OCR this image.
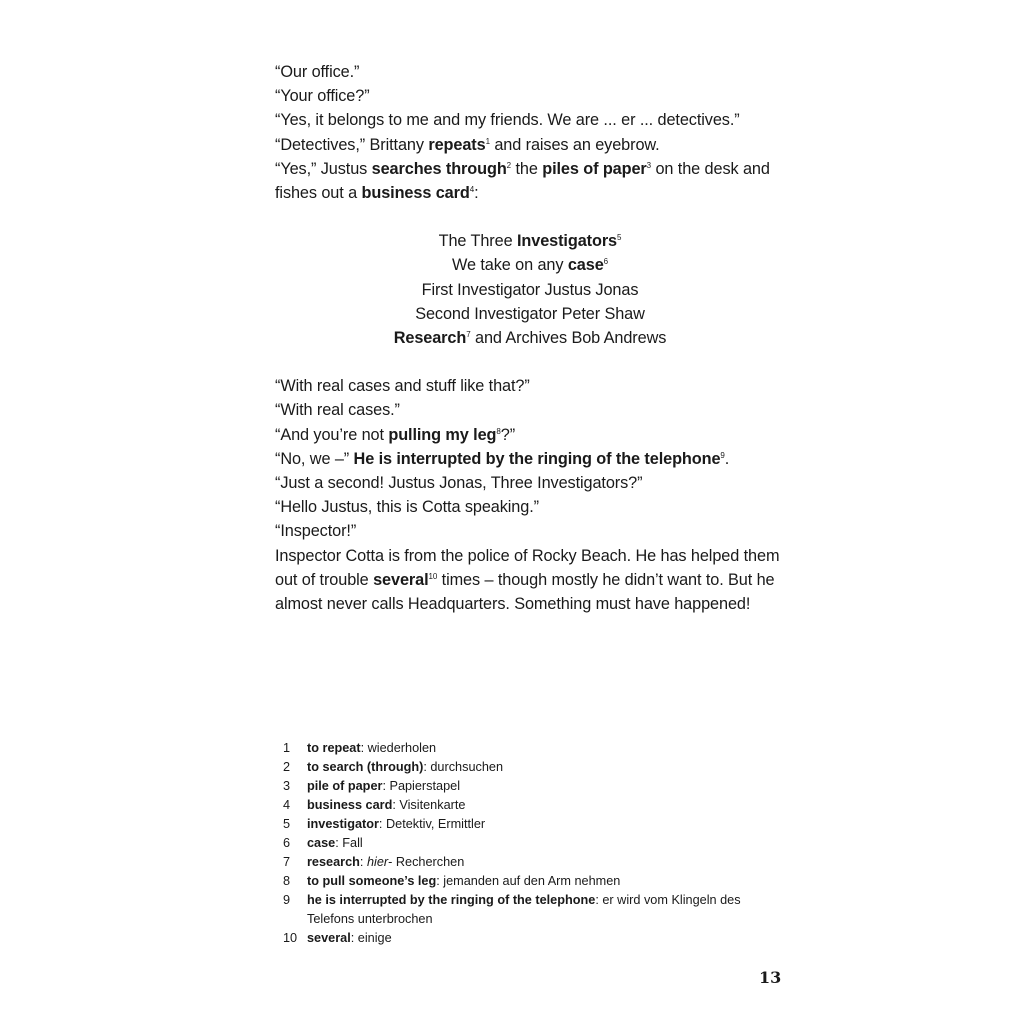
“Our office.”
“Your office?”
“Yes, it belongs to me and my friends. We are ... er ... detectives.”
“Detectives,” Brittany repeats$^1$ and raises an eyebrow.
“Yes,” Justus searches through$^2$ the piles of paper$^3$ on the desk and fishes out a business card$^4$:
The Three Investigators$^5$
We take on any case$^6$
First Investigator Justus Jonas
Second Investigator Peter Shaw
Research$^7$ and Archives Bob Andrews
“With real cases and stuff like that?”
“With real cases.”
“And you’re not pulling my leg$^8$?”
“No, we –” He is interrupted by the ringing of the telephone$^9$.
“Just a second! Justus Jonas, Three Investigators?”
“Hello Justus, this is Cotta speaking.”
“Inspector!”
Inspector Cotta is from the police of Rocky Beach. He has helped them out of trouble several$^{10}$ times – though mostly he didn’t want to. But he almost never calls Headquarters. Something must have happened!
1	to repeat: wiederholen
2	to search (through): durchsuchen
3	pile of paper: Papierstapel
4	business card: Visitenkarte
5	investigator: Detektiv, Ermittler
6	case: Fall
7	research: hier- Recherchen
8	to pull someone’s leg: jemanden auf den Arm nehmen
9	he is interrupted by the ringing of the telephone: er wird vom Klingeln des Telefons unterbrochen
10 several: einige
13
